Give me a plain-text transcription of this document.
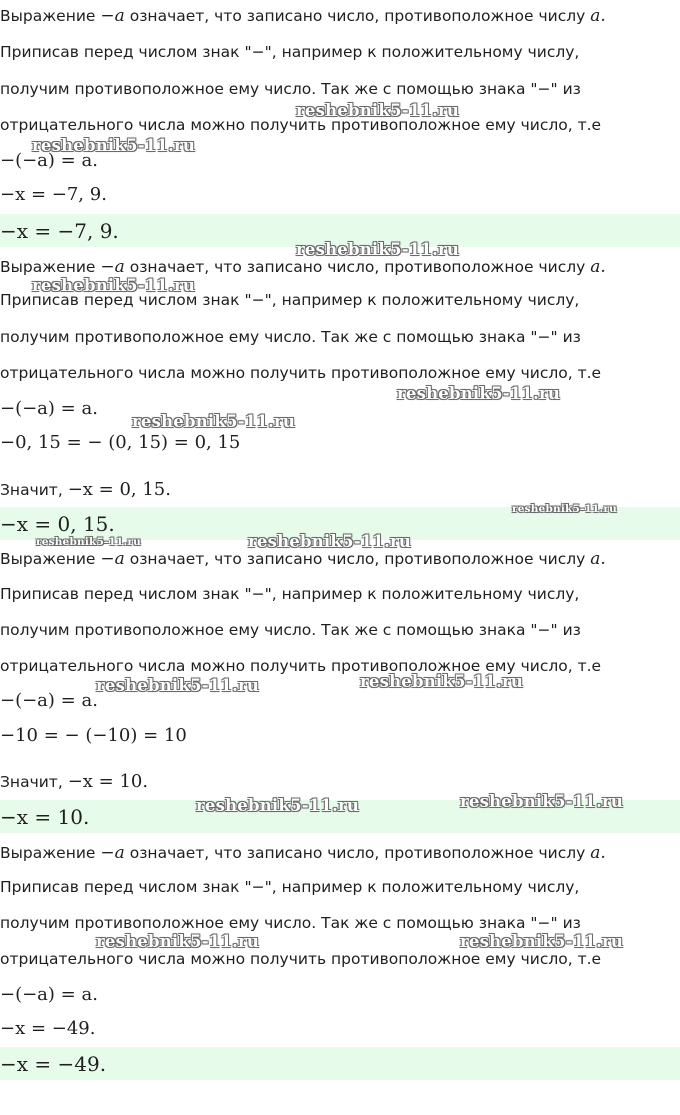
Выражение −a означает, что записано число, противоположное числу a.
Приписав перед числом знак "−", например к положительному числу,
получим противоположное ему число. Так же с помощью знака "−" из
отрицательного числа можно получить противоположное ему число, т.е
−(−a) = a.
−x = −7, 9.
−x = −7, 9.
Выражение −a означает, что записано число, противоположное числу a.
Приписав перед числом знак "−", например к положительному числу,
получим противоположное ему число. Так же с помощью знака "−" из
отрицательного числа можно получить противоположное ему число, т.е
−(−a) = a.
−0, 15 = − (0, 15) = 0, 15
Значит, −x = 0, 15.
−x = 0, 15.
Выражение −a означает, что записано число, противоположное числу a.
Приписав перед числом знак "−", например к положительному числу,
получим противоположное ему число. Так же с помощью знака "−" из
отрицательного числа можно получить противоположное ему число, т.е
−(−a) = a.
−10 = − (−10) = 10
Значит, −x = 10.
−x = 10.
Выражение −a означает, что записано число, противоположное числу a.
Приписав перед числом знак "−", например к положительному числу,
получим противоположное ему число. Так же с помощью знака "−" из
отрицательного числа можно получить противоположное ему число, т.е
−(−a) = a.
−x = −49.
−x = −49.
reshebnik5-11.ru
reshebnik5-11.ru
reshebnik5-11.ru
reshebnik5-11.ru
reshebnik5-11.ru
reshebnik5-11.ru
reshebnik5-11.ru
reshebnik5-11.ru	reshebnik5-11.ru
reshebnik5-11.ru	reshebnik5-11.ru
reshebnik5-11.ru	reshebnik5-11.ru
reshebnik5-11.ru	reshebnik5-11.ru
